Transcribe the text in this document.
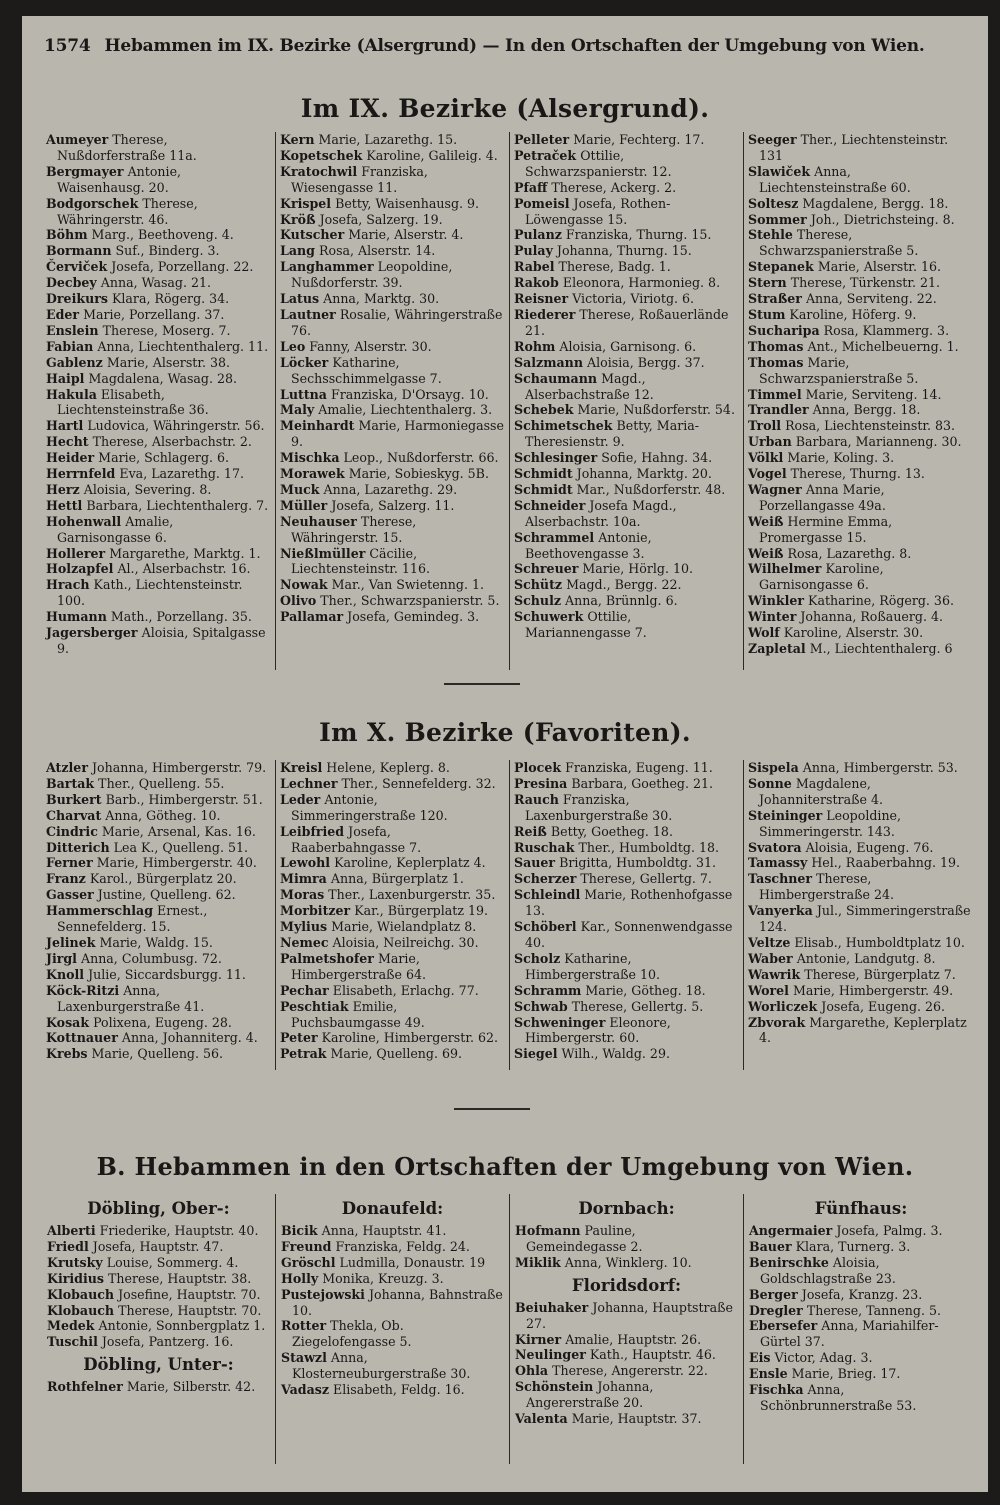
1574 Hebammen im IX. Bezirke (Alsergrund) — In den Ortschaften der Umgebung von Wien.
Im IX. Bezirke (Alsergrund).
Aumeyer Therese, Nußdorferstraße 11a.
Bergmayer Antonie, Waisenhausg. 20.
Bodgorschek Therese, Währingerstr. 46.
Böhm Marg., Beethoveng. 4.
Bormann Suf., Binderg. 3.
Červiček Josefa, Porzellang. 22.
Decbey Anna, Wasag. 21.
Dreikurs Klara, Rögerg. 34.
Eder Marie, Porzellang. 37.
Enslein Therese, Moserg. 7.
Fabian Anna, Liechtenthalerg. 11.
Gablenz Marie, Alserstr. 38.
Haipl Magdalena, Wasag. 28.
Hakula Elisabeth, Liechtensteinstraße 36.
Hartl Ludovica, Währingerstr. 56.
Hecht Therese, Alserbachstr. 2.
Heider Marie, Schlagerg. 6.
Herrnfeld Eva, Lazarethg. 17.
Herz Aloisia, Severing. 8.
Hettl Barbara, Liechtenthalerg. 7.
Hohenwall Amalie, Garnisongasse 6.
Hollerer Margarethe, Marktg. 1.
Holzapfel Al., Alserbachstr. 16.
Hrach Kath., Liechtensteinstr. 100.
Humann Math., Porzellang. 35.
Jagersberger Aloisia, Spitalgasse 9.
Kern Marie, Lazarethg. 15.
Kopetschek Karoline, Galileig. 4.
Kratochwil Franziska, Wiesengasse 11.
Krispel Betty, Waisenhausg. 9.
Kröß Josefa, Salzerg. 19.
Kutscher Marie, Alserstr. 4.
Lang Rosa, Alserstr. 14.
Langhammer Leopoldine, Nußdorferstr. 39.
Latus Anna, Marktg. 30.
Lautner Rosalie, Währingerstraße 76.
Leo Fanny, Alserstr. 30.
Löcker Katharine, Sechsschimmelgasse 7.
Luttna Franziska, D'Orsayg. 10.
Maly Amalie, Liechtenthalerg. 3.
Meinhardt Marie, Harmoniegasse 9.
Mischka Leop., Nußdorferstr. 66.
Morawek Marie, Sobieskyg. 5B.
Muck Anna, Lazarethg. 29.
Müller Josefa, Salzerg. 11.
Neuhauser Therese, Währingerstr. 15.
Nießlmüller Cäcilie, Liechtensteinstr. 116.
Nowak Mar., Van Swietenng. 1.
Olivo Ther., Schwarzspanierstr. 5.
Pallamar Josefa, Gemindeg. 3.
Pelleter Marie, Fechterg. 17.
Petraček Ottilie, Schwarzspanierstr. 12.
Pfaff Therese, Ackerg. 2.
Pomeisl Josefa, Rothen-Löwengasse 15.
Pulanz Franziska, Thurng. 15.
Pulay Johanna, Thurng. 15.
Rabel Therese, Badg. 1.
Rakob Eleonora, Harmonieg. 8.
Reisner Victoria, Viriotg. 6.
Riederer Therese, Roßauerlände 21.
Rohm Aloisia, Garnisong. 6.
Salzmann Aloisia, Bergg. 37.
Schaumann Magd., Alserbachstraße 12.
Schebek Marie, Nußdorferstr. 54.
Schimetschek Betty, Maria-Theresienstr. 9.
Schlesinger Sofie, Hahng. 34.
Schmidt Johanna, Marktg. 20.
Schmidt Mar., Nußdorferstr. 48.
Schneider Josefa Magd., Alserbachstr. 10a.
Schrammel Antonie, Beethovengasse 3.
Schreuer Marie, Hörlg. 10.
Schütz Magd., Bergg. 22.
Schulz Anna, Brünnlg. 6.
Schuwerk Ottilie, Mariannengasse 7.
Seeger Ther., Liechtensteinstr. 131
Slawiček Anna, Liechtensteinstraße 60.
Soltesz Magdalene, Bergg. 18.
Sommer Joh., Dietrichsteing. 8.
Stehle Therese, Schwarzspanierstraße 5.
Stepanek Marie, Alserstr. 16.
Stern Therese, Türkenstr. 21.
Straßer Anna, Serviteng. 22.
Stum Karoline, Höferg. 9.
Sucharipa Rosa, Klammerg. 3.
Thomas Ant., Michelbeuerng. 1.
Thomas Marie, Schwarzspanierstraße 5.
Timmel Marie, Serviteng. 14.
Trandler Anna, Bergg. 18.
Troll Rosa, Liechtensteinstr. 83.
Urban Barbara, Marianneng. 30.
Völkl Marie, Koling. 3.
Vogel Therese, Thurng. 13.
Wagner Anna Marie, Porzellangasse 49a.
Weiß Hermine Emma, Promergasse 15.
Weiß Rosa, Lazarethg. 8.
Wilhelmer Karoline, Garnisongasse 6.
Winkler Katharine, Rögerg. 36.
Winter Johanna, Roßauerg. 4.
Wolf Karoline, Alserstr. 30.
Zapletal M., Liechtenthalerg. 6
Im X. Bezirke (Favoriten).
Atzler Johanna, Himbergerstr. 79.
Bartak Ther., Quelleng. 55.
Burkert Barb., Himbergerstr. 51.
Charvat Anna, Götheg. 10.
Cindric Marie, Arsenal, Kas. 16.
Ditterich Lea K., Quelleng. 51.
Ferner Marie, Himbergerstr. 40.
Franz Karol., Bürgerplatz 20.
Gasser Justine, Quelleng. 62.
Hammerschlag Ernest., Sennefelderg. 15.
Jelinek Marie, Waldg. 15.
Jirgl Anna, Columbusg. 72.
Knoll Julie, Siccardsburgg. 11.
Köck-Ritzi Anna, Laxenburgerstraße 41.
Kosak Polixena, Eugeng. 28.
Kottnauer Anna, Johanniterg. 4.
Krebs Marie, Quelleng. 56.
Kreisl Helene, Keplerg. 8.
Lechner Ther., Sennefelderg. 32.
Leder Antonie, Simmeringerstraße 120.
Leibfried Josefa, Raaberbahngasse 7.
Lewohl Karoline, Keplerplatz 4.
Mimra Anna, Bürgerplatz 1.
Moras Ther., Laxenburgerstr. 35.
Morbitzer Kar., Bürgerplatz 19.
Mylius Marie, Wielandplatz 8.
Nemec Aloisia, Neilreichg. 30.
Palmetshofer Marie, Himbergerstraße 64.
Pechar Elisabeth, Erlachg. 77.
Peschtiak Emilie, Puchsbaumgasse 49.
Peter Karoline, Himbergerstr. 62.
Petrak Marie, Quelleng. 69.
Plocek Franziska, Eugeng. 11.
Presina Barbara, Goetheg. 21.
Rauch Franziska, Laxenburgerstraße 30.
Reiß Betty, Goetheg. 18.
Ruschak Ther., Humboldtg. 18.
Sauer Brigitta, Humboldtg. 31.
Scherzer Therese, Gellertg. 7.
Schleindl Marie, Rothenhofgasse 13.
Schöberl Kar., Sonnenwendgasse 40.
Scholz Katharine, Himbergerstraße 10.
Schramm Marie, Götheg. 18.
Schwab Therese, Gellertg. 5.
Schweninger Eleonore, Himbergerstr. 60.
Siegel Wilh., Waldg. 29.
Sispela Anna, Himbergerstr. 53.
Sonne Magdalene, Johanniterstraße 4.
Steininger Leopoldine, Simmeringerstr. 143.
Svatora Aloisia, Eugeng. 76.
Tamassy Hel., Raaberbahng. 19.
Taschner Therese, Himbergerstraße 24.
Vanyerka Jul., Simmeringerstraße 124.
Veltze Elisab., Humboldtplatz 10.
Waber Antonie, Landgutg. 8.
Wawrik Therese, Bürgerplatz 7.
Worel Marie, Himbergerstr. 49.
Worliczek Josefa, Eugeng. 26.
Zbvorak Margarethe, Keplerplatz 4.
B. Hebammen in den Ortschaften der Umgebung von Wien.
Döbling, Ober-:
Alberti Friederike, Hauptstr. 40.
Friedl Josefa, Hauptstr. 47.
Krutsky Louise, Sommerg. 4.
Kiridius Therese, Hauptstr. 38.
Klobauch Josefine, Hauptstr. 70.
Klobauch Therese, Hauptstr. 70.
Medek Antonie, Sonnbergplatz 1.
Tuschil Josefa, Pantzerg. 16.
Döbling, Unter-:
Rothfelner Marie, Silberstr. 42.
Donaufeld:
Bicik Anna, Hauptstr. 41.
Freund Franziska, Feldg. 24.
Gröschl Ludmilla, Donaustr. 19
Holly Monika, Kreuzg. 3.
Pustejowski Johanna, Bahnstraße 10.
Rotter Thekla, Ob. Ziegelofengasse 5.
Stawzl Anna, Klosterneuburgerstraße 30.
Vadasz Elisabeth, Feldg. 16.
Dornbach:
Hofmann Pauline, Gemeindegasse 2.
Miklik Anna, Winklerg. 10.
Floridsdorf:
Beiuhaker Johanna, Hauptstraße 27.
Kirner Amalie, Hauptstr. 26.
Neulinger Kath., Hauptstr. 46.
Ohla Therese, Angererstr. 22.
Schönstein Johanna, Angererstraße 20.
Valenta Marie, Hauptstr. 37.
Fünfhaus:
Angermaier Josefa, Palmg. 3.
Bauer Klara, Turnerg. 3.
Benirschke Aloisia, Goldschlagstraße 23.
Berger Josefa, Kranzg. 23.
Dregler Therese, Tanneng. 5.
Ebersefer Anna, Mariahilfer-Gürtel 37.
Eis Victor, Adag. 3.
Ensle Marie, Brieg. 17.
Fischka Anna, Schönbrunnerstraße 53.
